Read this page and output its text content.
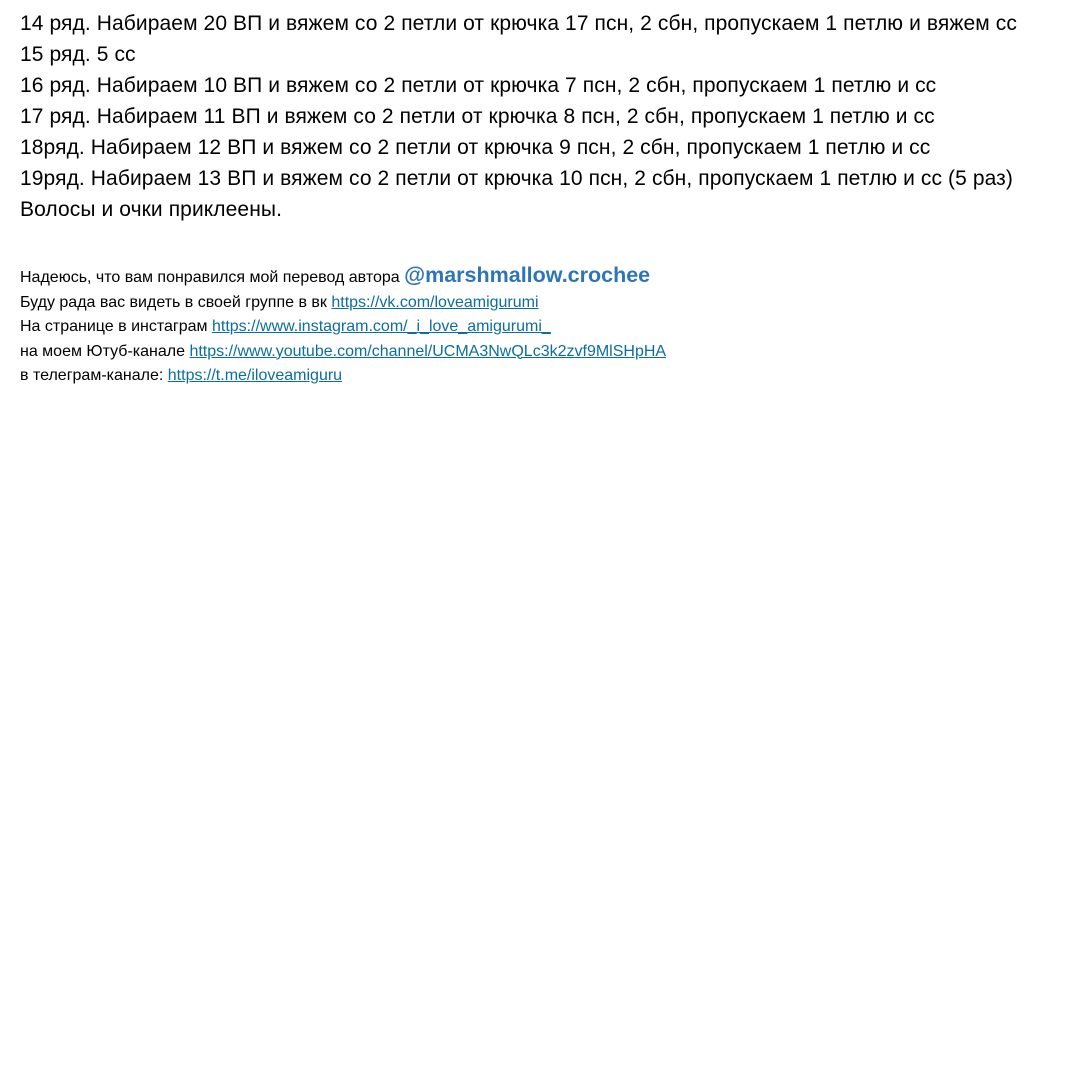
14 ряд. Набираем 20 ВП и вяжем со 2 петли от крючка 17 псн, 2 сбн, пропускаем 1 петлю и вяжем сс

15 ряд. 5 сс

16 ряд. Набираем 10 ВП и вяжем со 2 петли от крючка 7 псн, 2 сбн, пропускаем 1 петлю и сс

17 ряд. Набираем 11 ВП и вяжем со 2 петли от крючка 8 псн, 2 сбн, пропускаем 1 петлю и сс

18ряд. Набираем 12 ВП и вяжем со 2 петли от крючка 9 псн, 2 сбн, пропускаем 1 петлю и сс

19ряд. Набираем 13 ВП и вяжем со 2 петли от крючка 10 псн, 2 сбн, пропускаем 1 петлю и сс (5 раз)

Волосы и очки приклеены.

Надеюсь, что вам понравился мой перевод автора @marshmallow.crochee
Буду рада вас видеть в своей группе в вк https://vk.com/loveamigurumi
На странице в инстаграм https://www.instagram.com/_i_love_amigurumi_
на моем Ютуб-канале https://www.youtube.com/channel/UCMA3NwQLc3k2zvf9MlSHpHA
в телеграм-канале: https://t.me/iloveamiguru
